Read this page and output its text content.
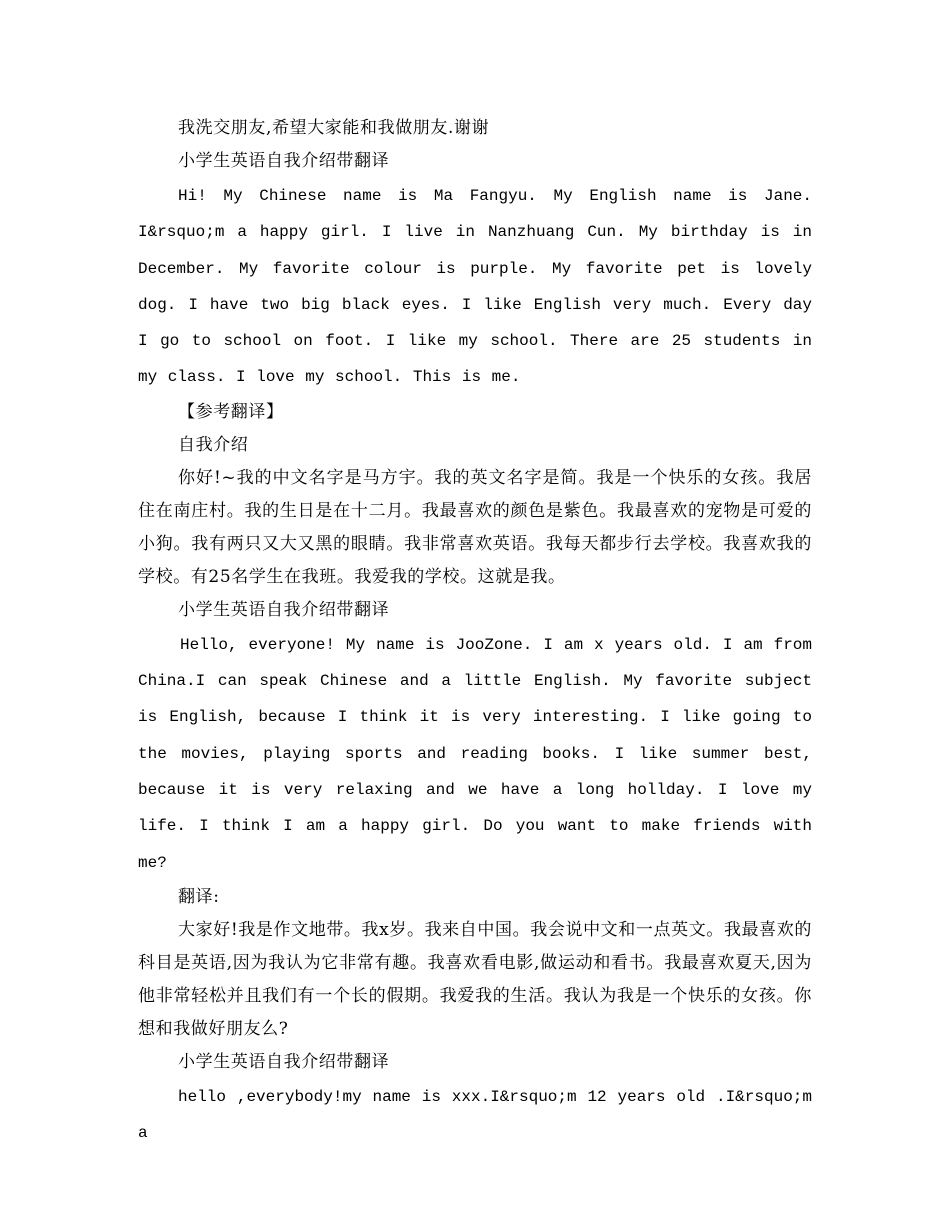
我洗交朋友,希望大家能和我做朋友.谢谢

小学生英语自我介绍带翻译

Hi! My Chinese name is Ma Fangyu. My English name is Jane. I&rsquo;m a happy girl. I live in Nanzhuang Cun. My birthday is in December. My favorite colour is purple. My favorite pet is lovely dog. I have two big black eyes. I like English very much. Every day I go to school on foot. I like my school. There are 25 students in my class. I love my school. This is me.

【参考翻译】

自我介绍

你好!~我的中文名字是马方宇。我的英文名字是简。我是一个快乐的女孩。我居住在南庄村。我的生日是在十二月。我最喜欢的颜色是紫色。我最喜欢的宠物是可爱的小狗。我有两只又大又黑的眼睛。我非常喜欢英语。我每天都步行去学校。我喜欢我的学校。有25名学生在我班。我爱我的学校。这就是我。

小学生英语自我介绍带翻译

Hello, everyone! My name is JooZone. I am x years old. I am from China.I can speak Chinese and a little English. My favorite subject is English, because I think it is very interesting. I like going to the movies, playing sports and reading books. I like summer best, because it is very relaxing and we have a long hollday. I love my life. I think I am a happy girl. Do you want to make friends with me?

翻译:

大家好!我是作文地带。我x岁。我来自中国。我会说中文和一点英文。我最喜欢的科目是英语,因为我认为它非常有趣。我喜欢看电影,做运动和看书。我最喜欢夏天,因为他非常轻松并且我们有一个长的假期。我爱我的生活。我认为我是一个快乐的女孩。你想和我做好朋友么?

小学生英语自我介绍带翻译

hello ,everybody!my name is xxx.I&rsquo;m 12 years old .I&rsquo;m a
